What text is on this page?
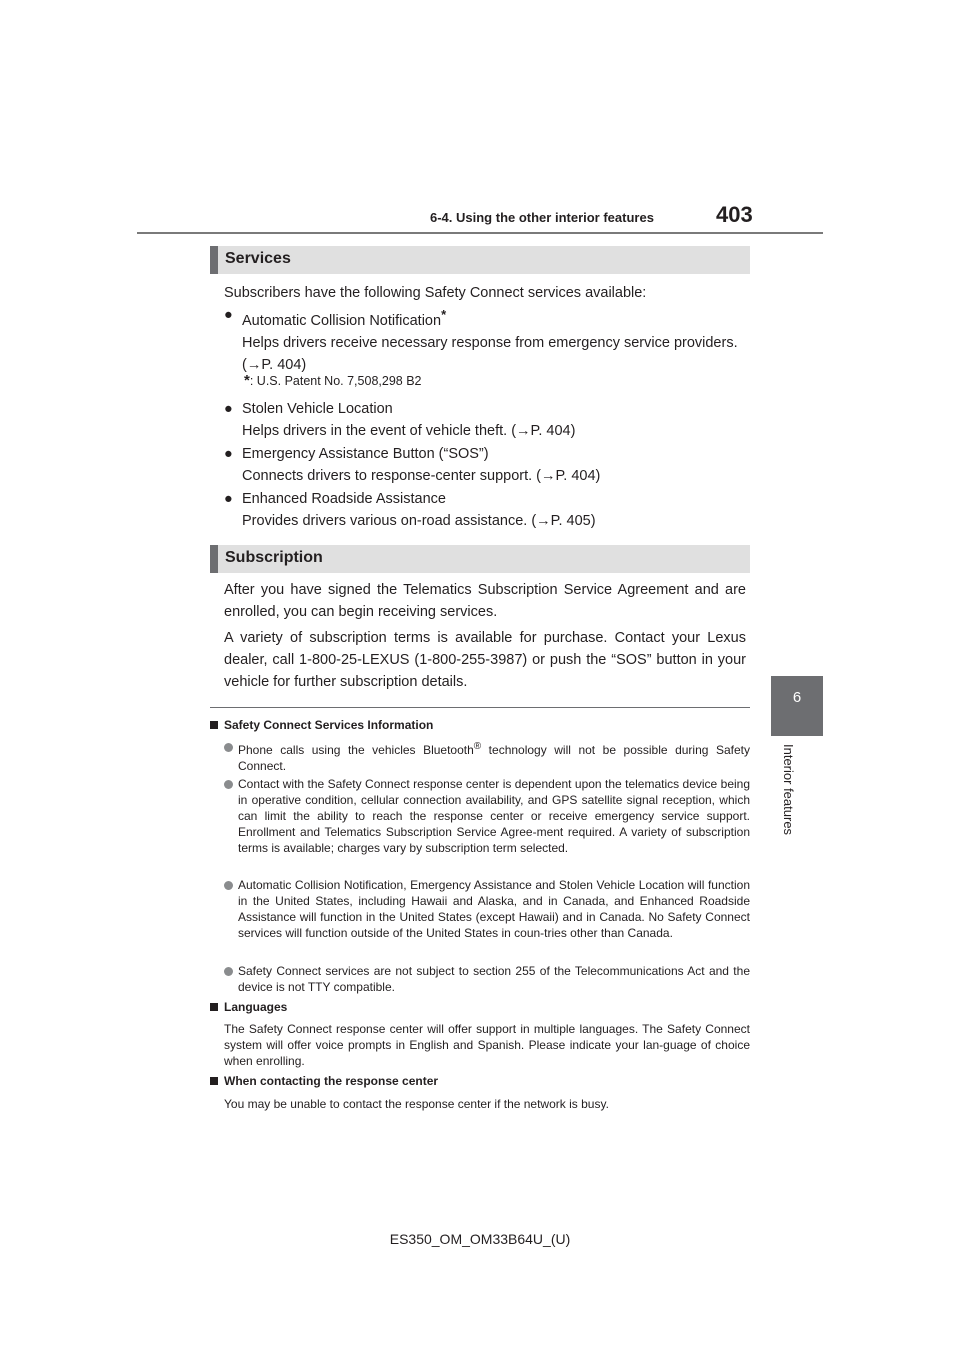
6-4. Using the other interior features	403
6
Interior features
Services
Subscribers have the following Safety Connect services available:
● Automatic Collision Notification*
Helps drivers receive necessary response from emergency service providers.
(→P. 404)
*: U.S. Patent No. 7,508,298 B2
● Stolen Vehicle Location
Helps drivers in the event of vehicle theft. (→P. 404)
● Emergency Assistance Button (“SOS”)
Connects drivers to response-center support. (→P. 404)
● Enhanced Roadside Assistance
Provides drivers various on-road assistance. (→P. 405)
Subscription
After you have signed the Telematics Subscription Service Agreement and are enrolled, you can begin receiving services.
A variety of subscription terms is available for purchase. Contact your Lexus dealer, call 1-800-25-LEXUS (1-800-255-3987) or push the “SOS” button in your vehicle for further subscription details.
Safety Connect Services Information
Phone calls using the vehicles Bluetooth® technology will not be possible during Safety Connect.
Contact with the Safety Connect response center is dependent upon the telematics device being in operative condition, cellular connection availability, and GPS satellite signal reception, which can limit the ability to reach the response center or receive emergency service support. Enrollment and Telematics Subscription Service Agree-ment required. A variety of subscription terms is available; charges vary by subscription term selected.
Automatic Collision Notification, Emergency Assistance and Stolen Vehicle Location will function in the United States, including Hawaii and Alaska, and in Canada, and Enhanced Roadside Assistance will function in the United States (except Hawaii) and in Canada. No Safety Connect services will function outside of the United States in coun-tries other than Canada.
Safety Connect services are not subject to section 255 of the Telecommunications Act and the device is not TTY compatible.
Languages
The Safety Connect response center will offer support in multiple languages. The Safety Connect system will offer voice prompts in English and Spanish. Please indicate your lan-guage of choice when enrolling.
When contacting the response center
You may be unable to contact the response center if the network is busy.
ES350_OM_OM33B64U_(U)
